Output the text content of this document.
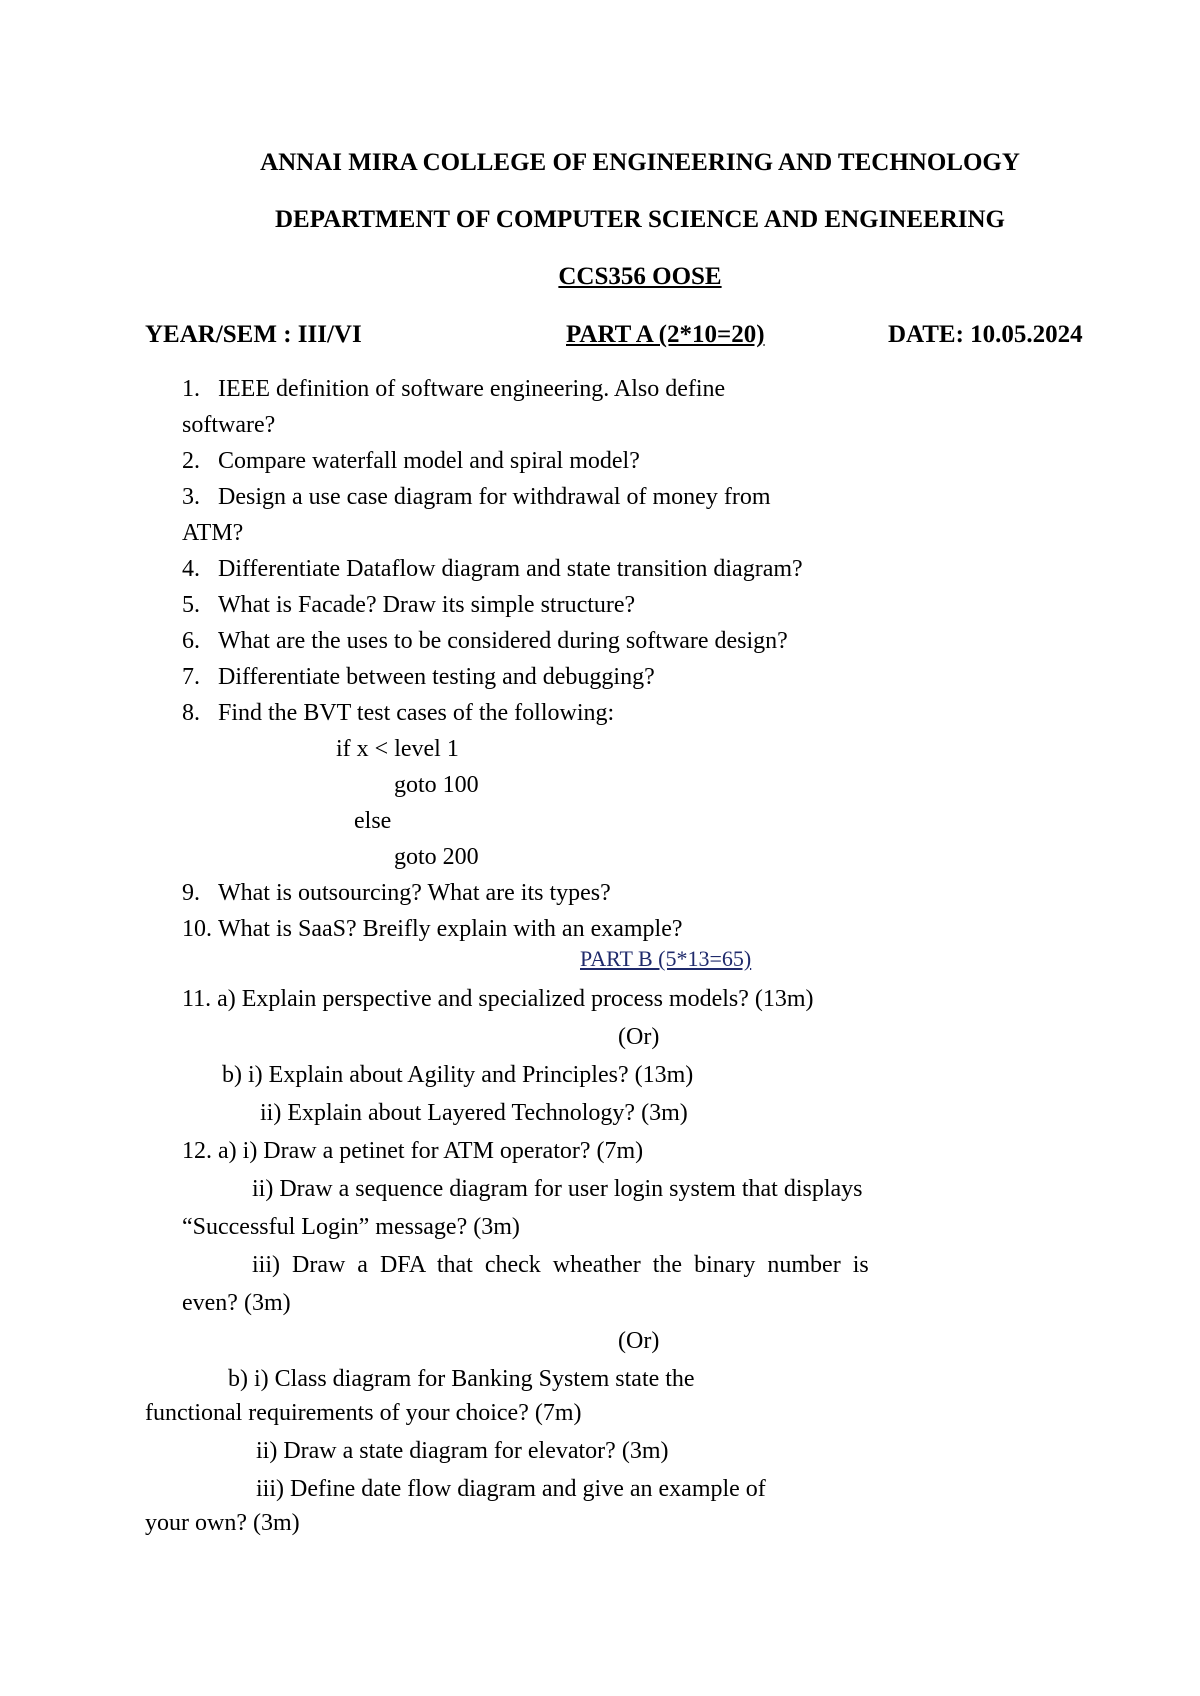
ANNAI MIRA COLLEGE OF ENGINEERING AND TECHNOLOGY
DEPARTMENT OF COMPUTER SCIENCE AND ENGINEERING
CCS356 OOSE
YEAR/SEM : III/VI	PART A (2*10=20)	DATE: 10.05.2024
1. IEEE definition of software engineering. Also define
software?
2. Compare waterfall model and spiral model?
3. Design a use case diagram for withdrawal of money from
ATM?
4. Differentiate Dataflow diagram and state transition diagram?
5. What is Facade? Draw its simple structure?
6. What are the uses to be considered during software design?
7. Differentiate between testing and debugging?
8. Find the BVT test cases of the following:
if x < level 1
goto 100
else
goto 200
9. What is outsourcing? What are its types?
10. What is SaaS? Breifly explain with an example?
PART B (5*13=65)
11. a) Explain perspective and specialized process models? (13m)
(Or)
b) i) Explain about Agility and Principles? (13m)
ii) Explain about Layered Technology? (3m)
12. a) i) Draw a petinet for ATM operator? (7m)
ii) Draw a sequence diagram for user login system that displays
“Successful Login” message? (3m)
iii) Draw a DFA that check wheather the binary number is
even? (3m)
(Or)
b) i) Class diagram for Banking System state the
functional requirements of your choice? (7m)
ii) Draw a state diagram for elevator? (3m)
iii) Define date flow diagram and give an example of
your own? (3m)
